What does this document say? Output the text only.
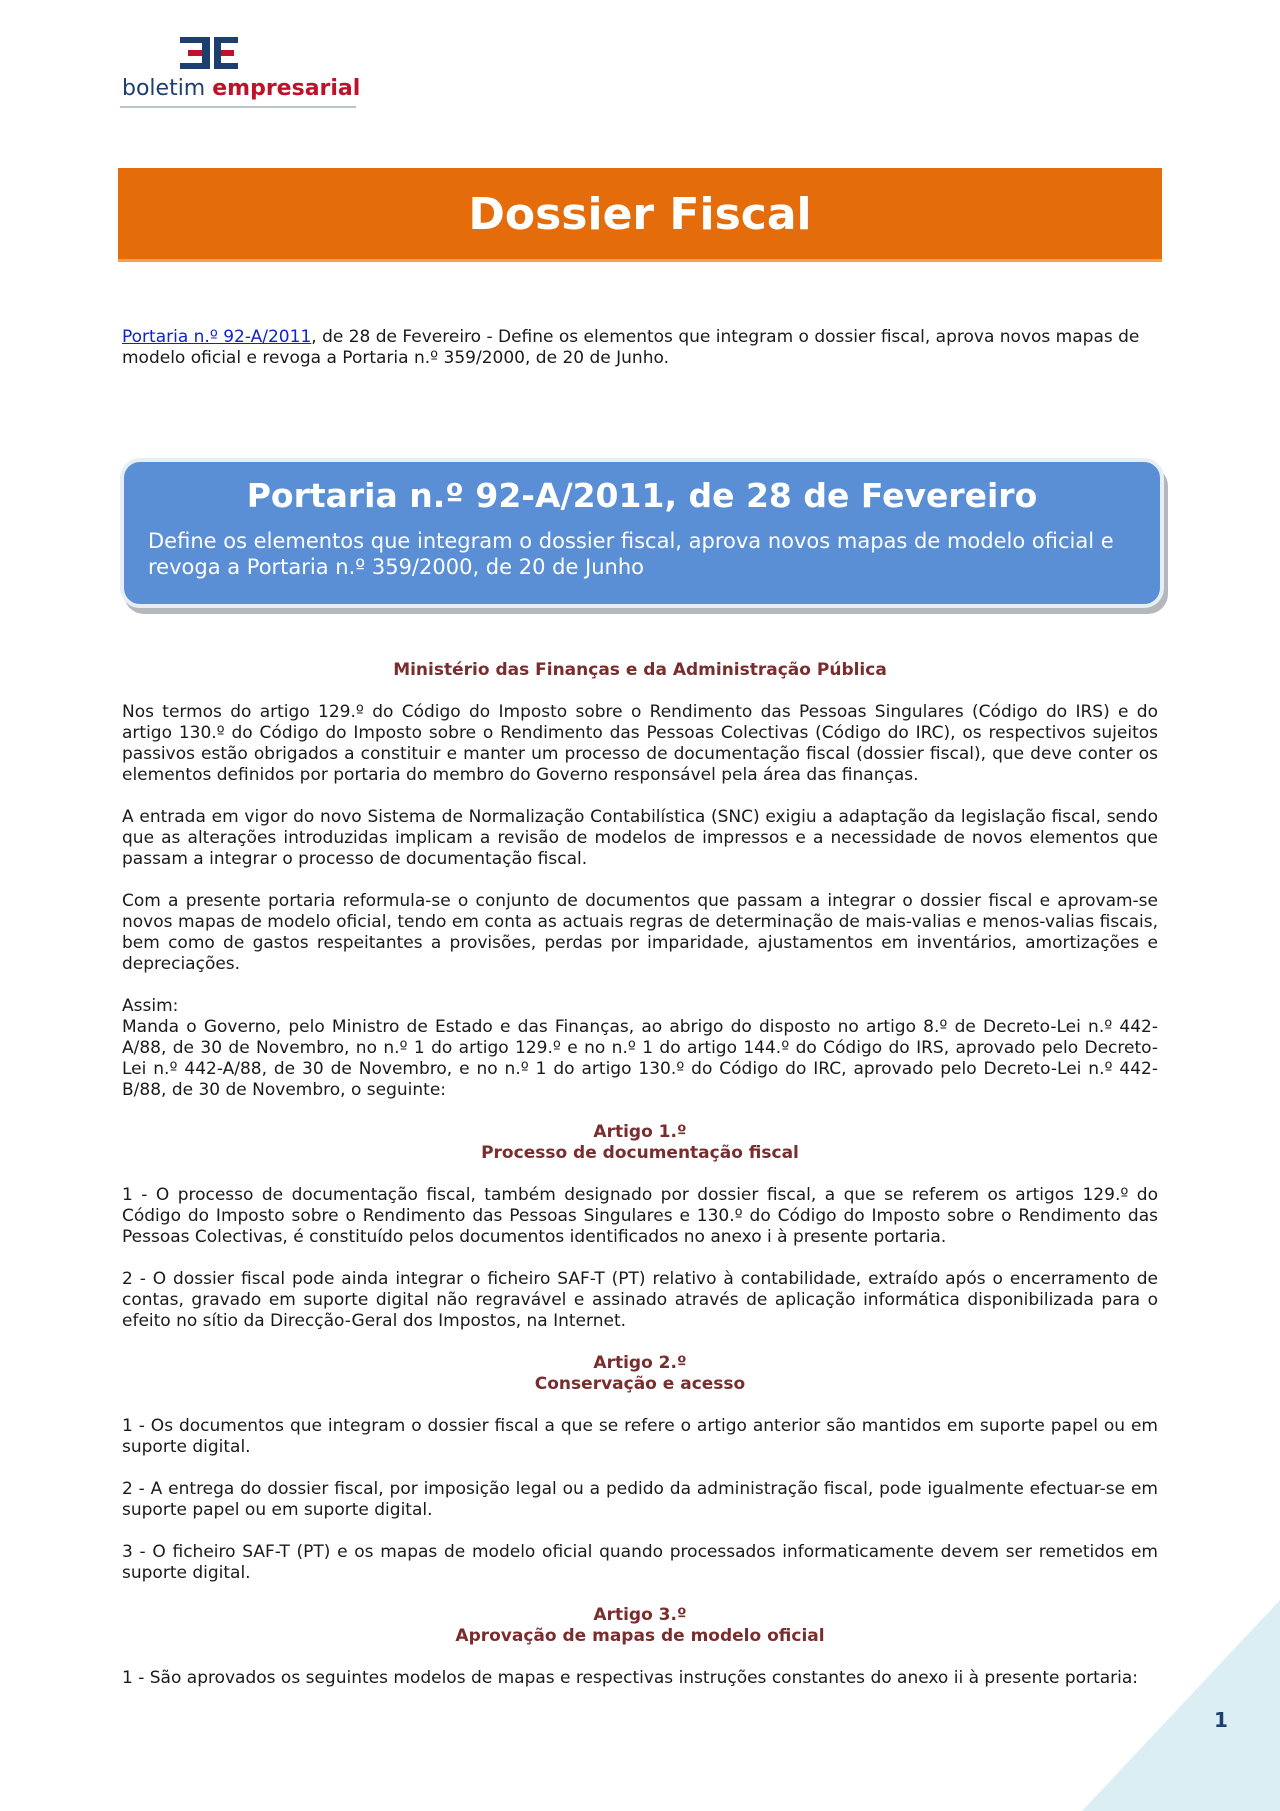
boletim empresarial
Dossier Fiscal
Portaria n.º 92-A/2011, de 28 de Fevereiro - Define os elementos que integram o dossier fiscal, aprova novos mapas de modelo oficial e revoga a Portaria n.º 359/2000, de 20 de Junho.
Portaria n.º 92-A/2011, de 28 de Fevereiro
Define os elementos que integram o dossier fiscal, aprova novos mapas de modelo oficial e revoga a Portaria n.º 359/2000, de 20 de Junho
Ministério das Finanças e da Administração Pública

Nos termos do artigo 129.º do Código do Imposto sobre o Rendimento das Pessoas Singulares (Código do IRS) e do artigo 130.º do Código do Imposto sobre o Rendimento das Pessoas Colectivas (Código do IRC), os respectivos sujeitos passivos estão obrigados a constituir e manter um processo de documentação fiscal (dossier fiscal), que deve conter os elementos definidos por portaria do membro do Governo responsável pela área das finanças.

A entrada em vigor do novo Sistema de Normalização Contabilística (SNC) exigiu a adaptação da legislação fiscal, sendo que as alterações introduzidas implicam a revisão de modelos de impressos e a necessidade de novos elementos que passam a integrar o processo de documentação fiscal.

Com a presente portaria reformula-se o conjunto de documentos que passam a integrar o dossier fiscal e aprovam-se novos mapas de modelo oficial, tendo em conta as actuais regras de determinação de mais-valias e menos-valias fiscais, bem como de gastos respeitantes a provisões, perdas por imparidade, ajustamentos em inventários, amortizações e depreciações.

Assim:
Manda o Governo, pelo Ministro de Estado e das Finanças, ao abrigo do disposto no artigo 8.º de Decreto-Lei n.º 442-A/88, de 30 de Novembro, no n.º 1 do artigo 129.º e no n.º 1 do artigo 144.º do Código do IRS, aprovado pelo Decreto-Lei n.º 442-A/88, de 30 de Novembro, e no n.º 1 do artigo 130.º do Código do IRC, aprovado pelo Decreto-Lei n.º 442-B/88, de 30 de Novembro, o seguinte:

Artigo 1.º
Processo de documentação fiscal

1 - O processo de documentação fiscal, também designado por dossier fiscal, a que se referem os artigos 129.º do Código do Imposto sobre o Rendimento das Pessoas Singulares e 130.º do Código do Imposto sobre o Rendimento das Pessoas Colectivas, é constituído pelos documentos identificados no anexo i à presente portaria.

2 - O dossier fiscal pode ainda integrar o ficheiro SAF-T (PT) relativo à contabilidade, extraído após o encerramento de contas, gravado em suporte digital não regravável e assinado através de aplicação informática disponibilizada para o efeito no sítio da Direcção-Geral dos Impostos, na Internet.

Artigo 2.º
Conservação e acesso

1 - Os documentos que integram o dossier fiscal a que se refere o artigo anterior são mantidos em suporte papel ou em suporte digital.

2 - A entrega do dossier fiscal, por imposição legal ou a pedido da administração fiscal, pode igualmente efectuar-se em suporte papel ou em suporte digital.

3 - O ficheiro SAF-T (PT) e os mapas de modelo oficial quando processados informaticamente devem ser remetidos em suporte digital.

Artigo 3.º
Aprovação de mapas de modelo oficial

1 - São aprovados os seguintes modelos de mapas e respectivas instruções constantes do anexo ii à presente portaria:

1
